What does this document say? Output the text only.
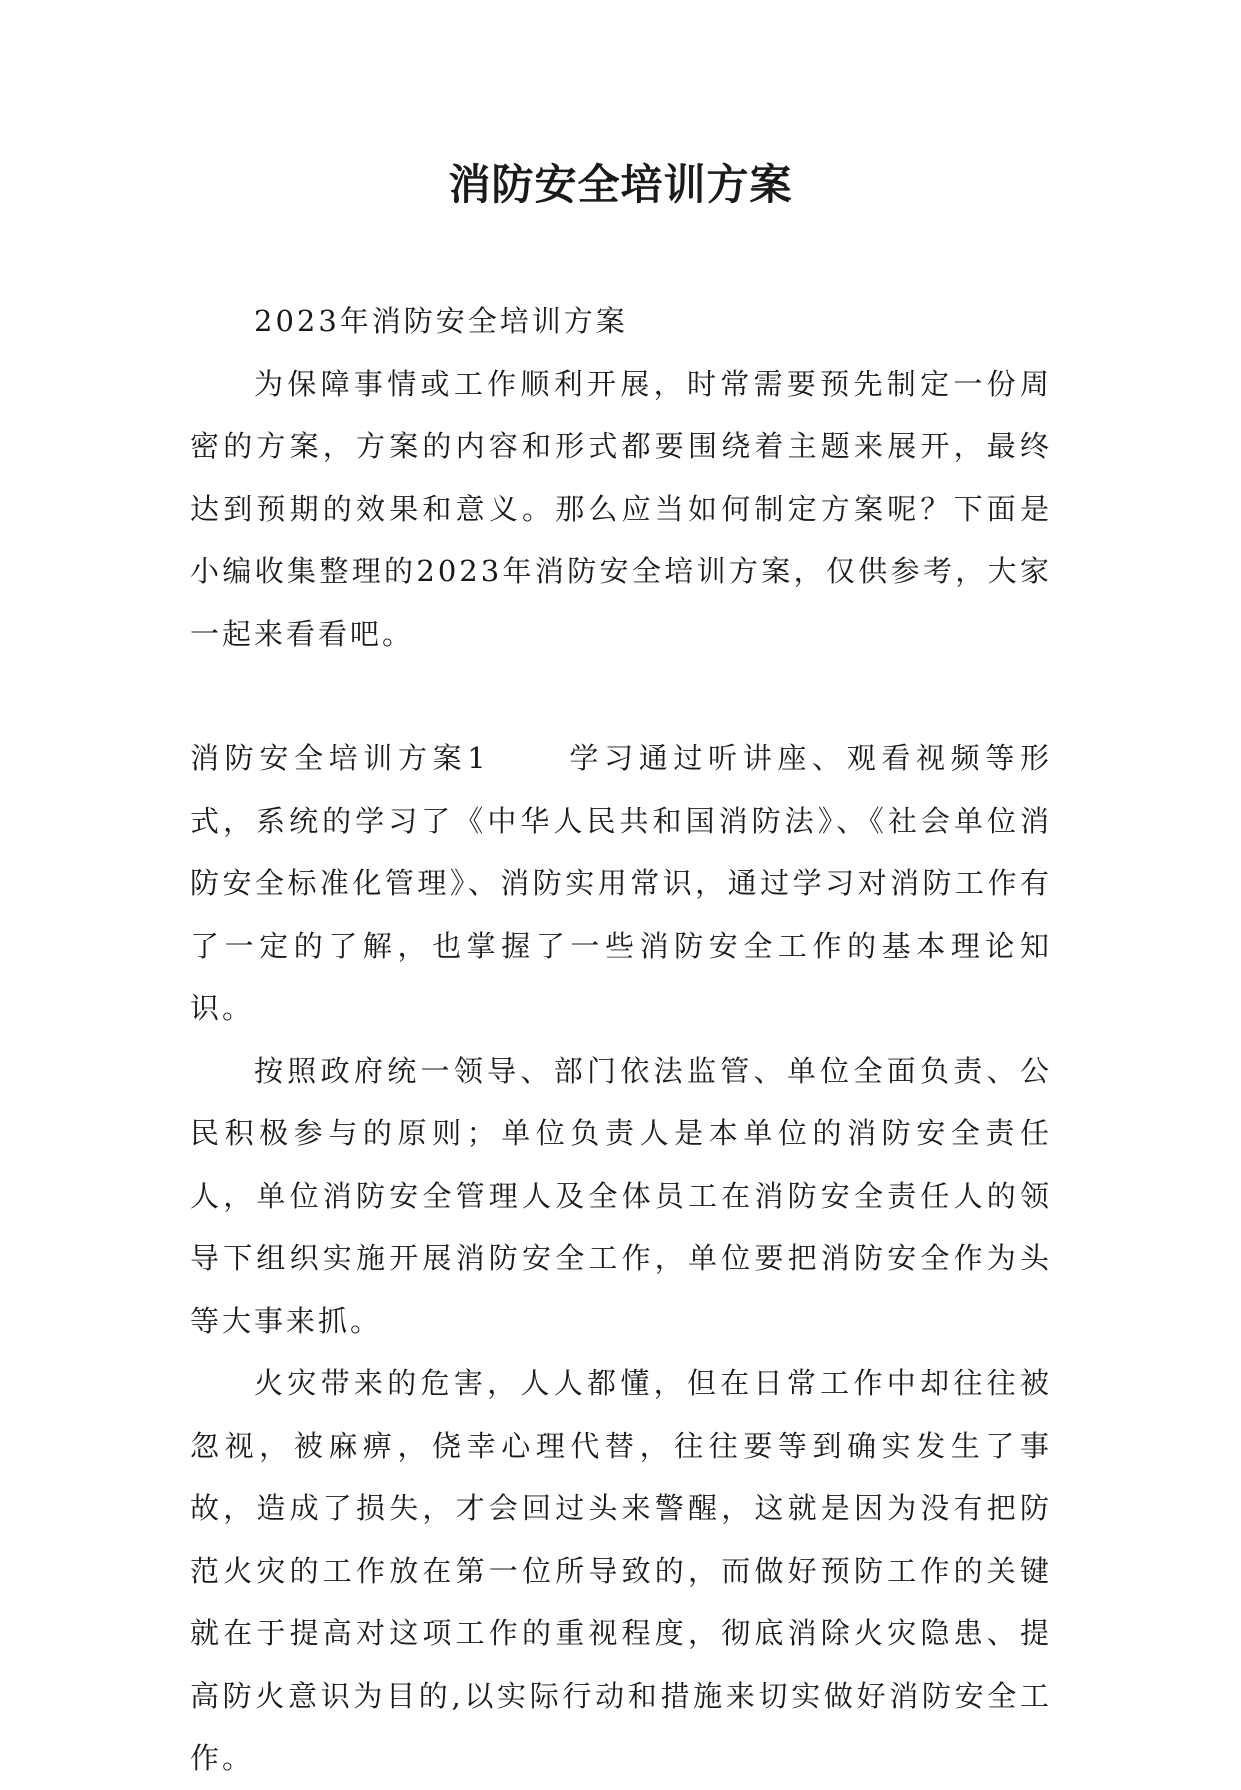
消防安全培训方案

2023年消防安全培训方案

为保障事情或工作顺利开展，时常需要预先制定一份周密的方案，方案的内容和形式都要围绕着主题来展开，最终达到预期的效果和意义。那么应当如何制定方案呢？下面是小编收集整理的2023年消防安全培训方案，仅供参考，大家一起来看看吧。

消防安全培训方案1	学习通过听讲座、观看视频等形式，系统的学习了《中华人民共和国消防法》、《社会单位消防安全标准化管理》、消防实用常识，通过学习对消防工作有了一定的了解，也掌握了一些消防安全工作的基本理论知识。

按照政府统一领导、部门依法监管、单位全面负责、公民积极参与的原则；单位负责人是本单位的消防安全责任人，单位消防安全管理人及全体员工在消防安全责任人的领导下组织实施开展消防安全工作，单位要把消防安全作为头等大事来抓。

火灾带来的危害，人人都懂，但在日常工作中却往往被忽视，被麻痹，侥幸心理代替，往往要等到确实发生了事故，造成了损失，才会回过头来警醒，这就是因为没有把防范火灾的工作放在第一位所导致的，而做好预防工作的关键就在于提高对这项工作的重视程度，彻底消除火灾隐患、提高防火意识为目的,以实际行动和措施来切实做好消防安全工作。
